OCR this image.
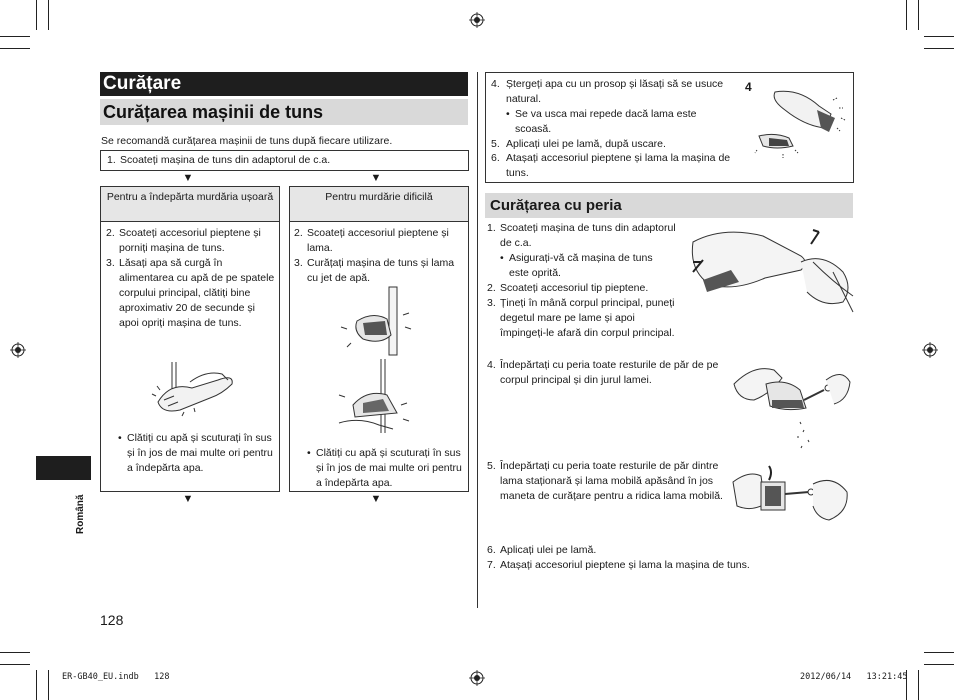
Curățare
Curățarea mașinii de tuns
Se recomandă curățarea mașinii de tuns după fiecare utilizare.
1. Scoateți mașina de tuns din adaptorul de c.a.
▼	▼
Pentru a îndepărta murdăria ușoară
2. Scoateți accesoriul pieptene și porniți mașina de tuns.
3. Lăsați apa să curgă în alimentarea cu apă de pe spatele corpului principal, clătiți bine aproximativ 20 de secunde și apoi opriți mașina de tuns.
• Clătiți cu apă și scuturați în sus și în jos de mai multe ori pentru a îndepărta apa.
▼
Pentru murdărie dificilă
2. Scoateți accesoriul pieptene și lama.
3. Curățați mașina de tuns și lama cu jet de apă.
• Clătiți cu apă și scuturați în sus și în jos de mai multe ori pentru a îndepărta apa.
▼
Română
128
4. Ștergeți apa cu un prosop și lăsați să se usuce natural.
• Se va usca mai repede dacă lama este scoasă.
5. Aplicați ulei pe lamă, după uscare.
6. Atașați accesoriul pieptene și lama la mașina de tuns.
4
Curățarea cu peria
1. Scoateți mașina de tuns din adaptorul de c.a.
• Asigurați-vă că mașina de tuns este oprită.
2. Scoateți accesoriul tip pieptene.
3. Țineți în mână corpul principal, puneți degetul mare pe lame și apoi împingeți-le afară din corpul principal.
4. Îndepărtați cu peria toate resturile de păr de pe corpul principal și din jurul lamei.
5. Îndepărtați cu peria toate resturile de păr dintre lama staționară și lama mobilă apăsând în jos maneta de curățare pentru a ridica lama mobilă.
6. Aplicați ulei pe lamă.
7. Atașați accesoriul pieptene și lama la mașina de tuns.
ER-GB40_EU.indb   128	2012/06/14   13:21:45
